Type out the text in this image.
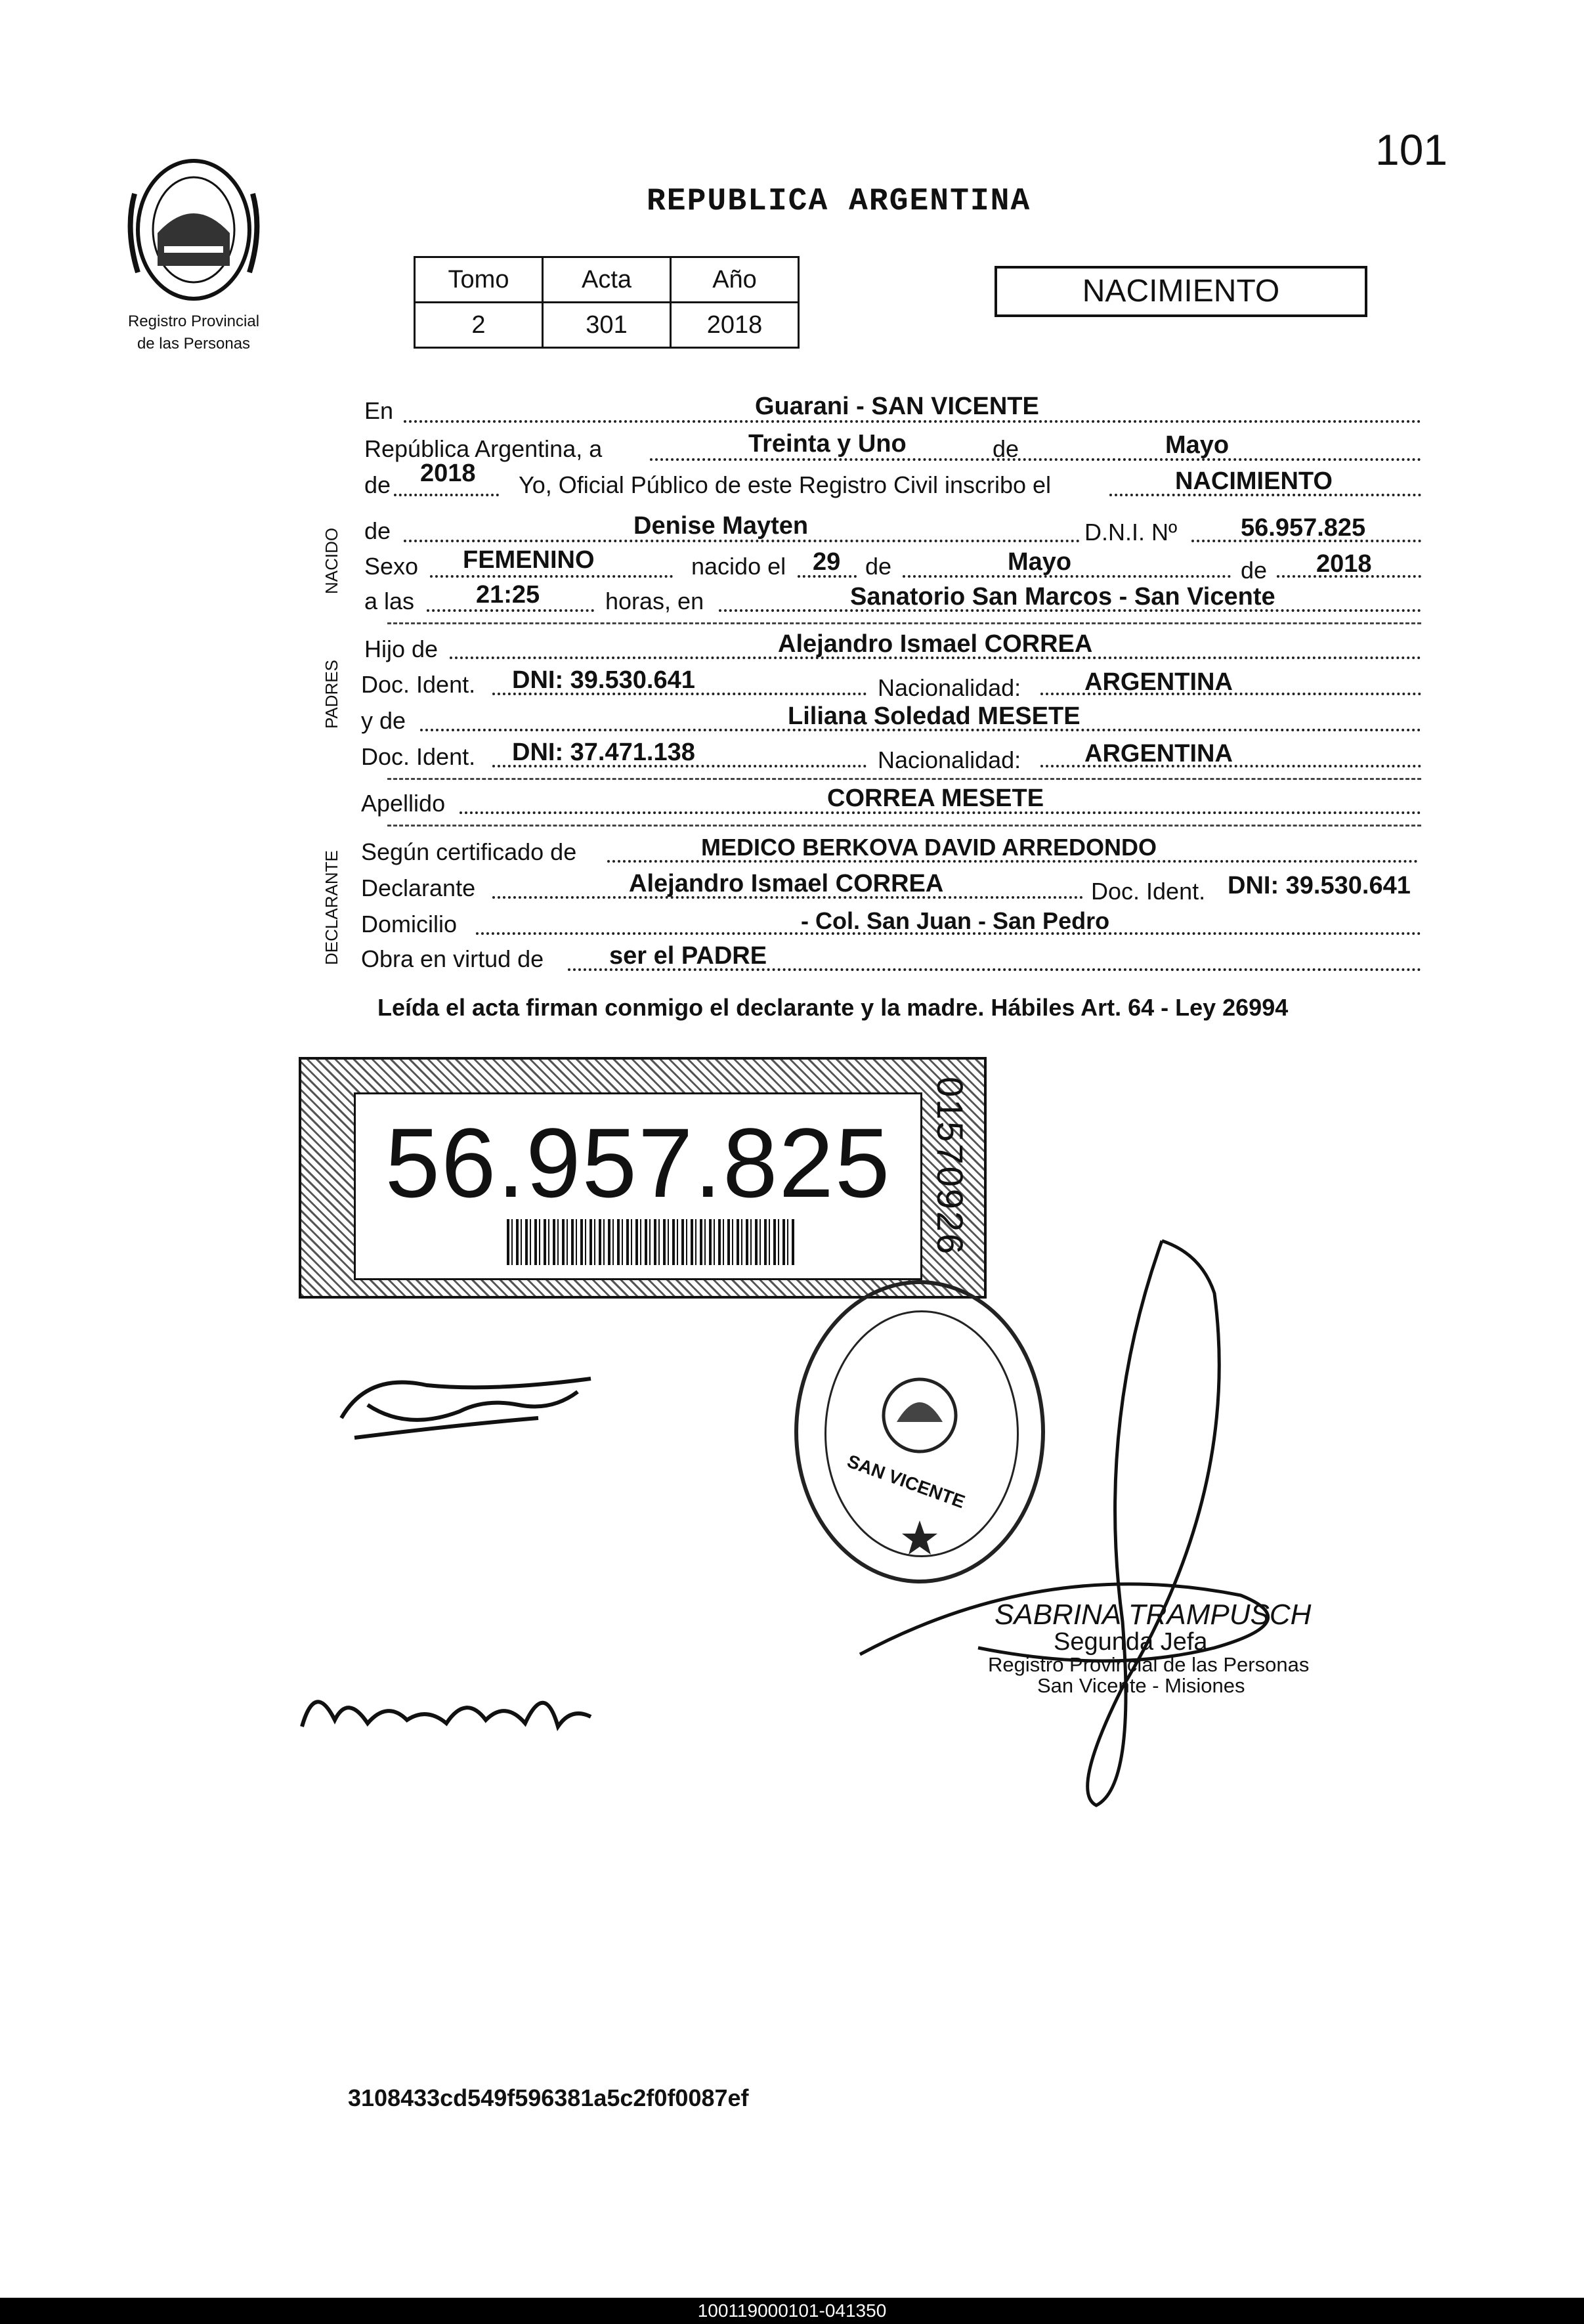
101
Registro Provincial
de las Personas
REPUBLICA ARGENTINA
Tomo	Acta	Año
2	301	2018
NACIMIENTO
NACIDO
PADRES
DECLARANTE
En	Guarani - SAN VICENTE
República Argentina, a	Treinta y Uno	de	Mayo
de 2018 Yo, Oficial Público de este Registro Civil inscribo el	NACIMIENTO
de	Denise Mayten	D.N.I. Nº	56.957.825
Sexo FEMENINO	nacido el 29 de	Mayo	de 2018
a las 21:25	horas, en	Sanatorio San Marcos - San Vicente
Hijo de	Alejandro Ismael CORREA
Doc. Ident. DNI: 39.530.641	Nacionalidad:	ARGENTINA
y de	Liliana Soledad MESETE
Doc. Ident. DNI: 37.471.138	Nacionalidad:	ARGENTINA
Apellido	CORREA MESETE
Según certificado de	MEDICO BERKOVA DAVID ARREDONDO
Declarante	Alejandro Ismael CORREA	Doc. Ident. DNI: 39.530.641
Domicilio	- Col. San Juan - San Pedro
Obra en virtud de	ser el PADRE
Leída el acta firman conmigo el declarante y la madre. Hábiles Art. 64 - Ley 26994
56.957.825	01570926
SAN VICENTE
SABRINA TRAMPUSCH
Segunda Jefa
Registro Provincial de las Personas
San Vicente - Misiones
3108433cd549f596381a5c2f0f0087ef
100119000101-041350
